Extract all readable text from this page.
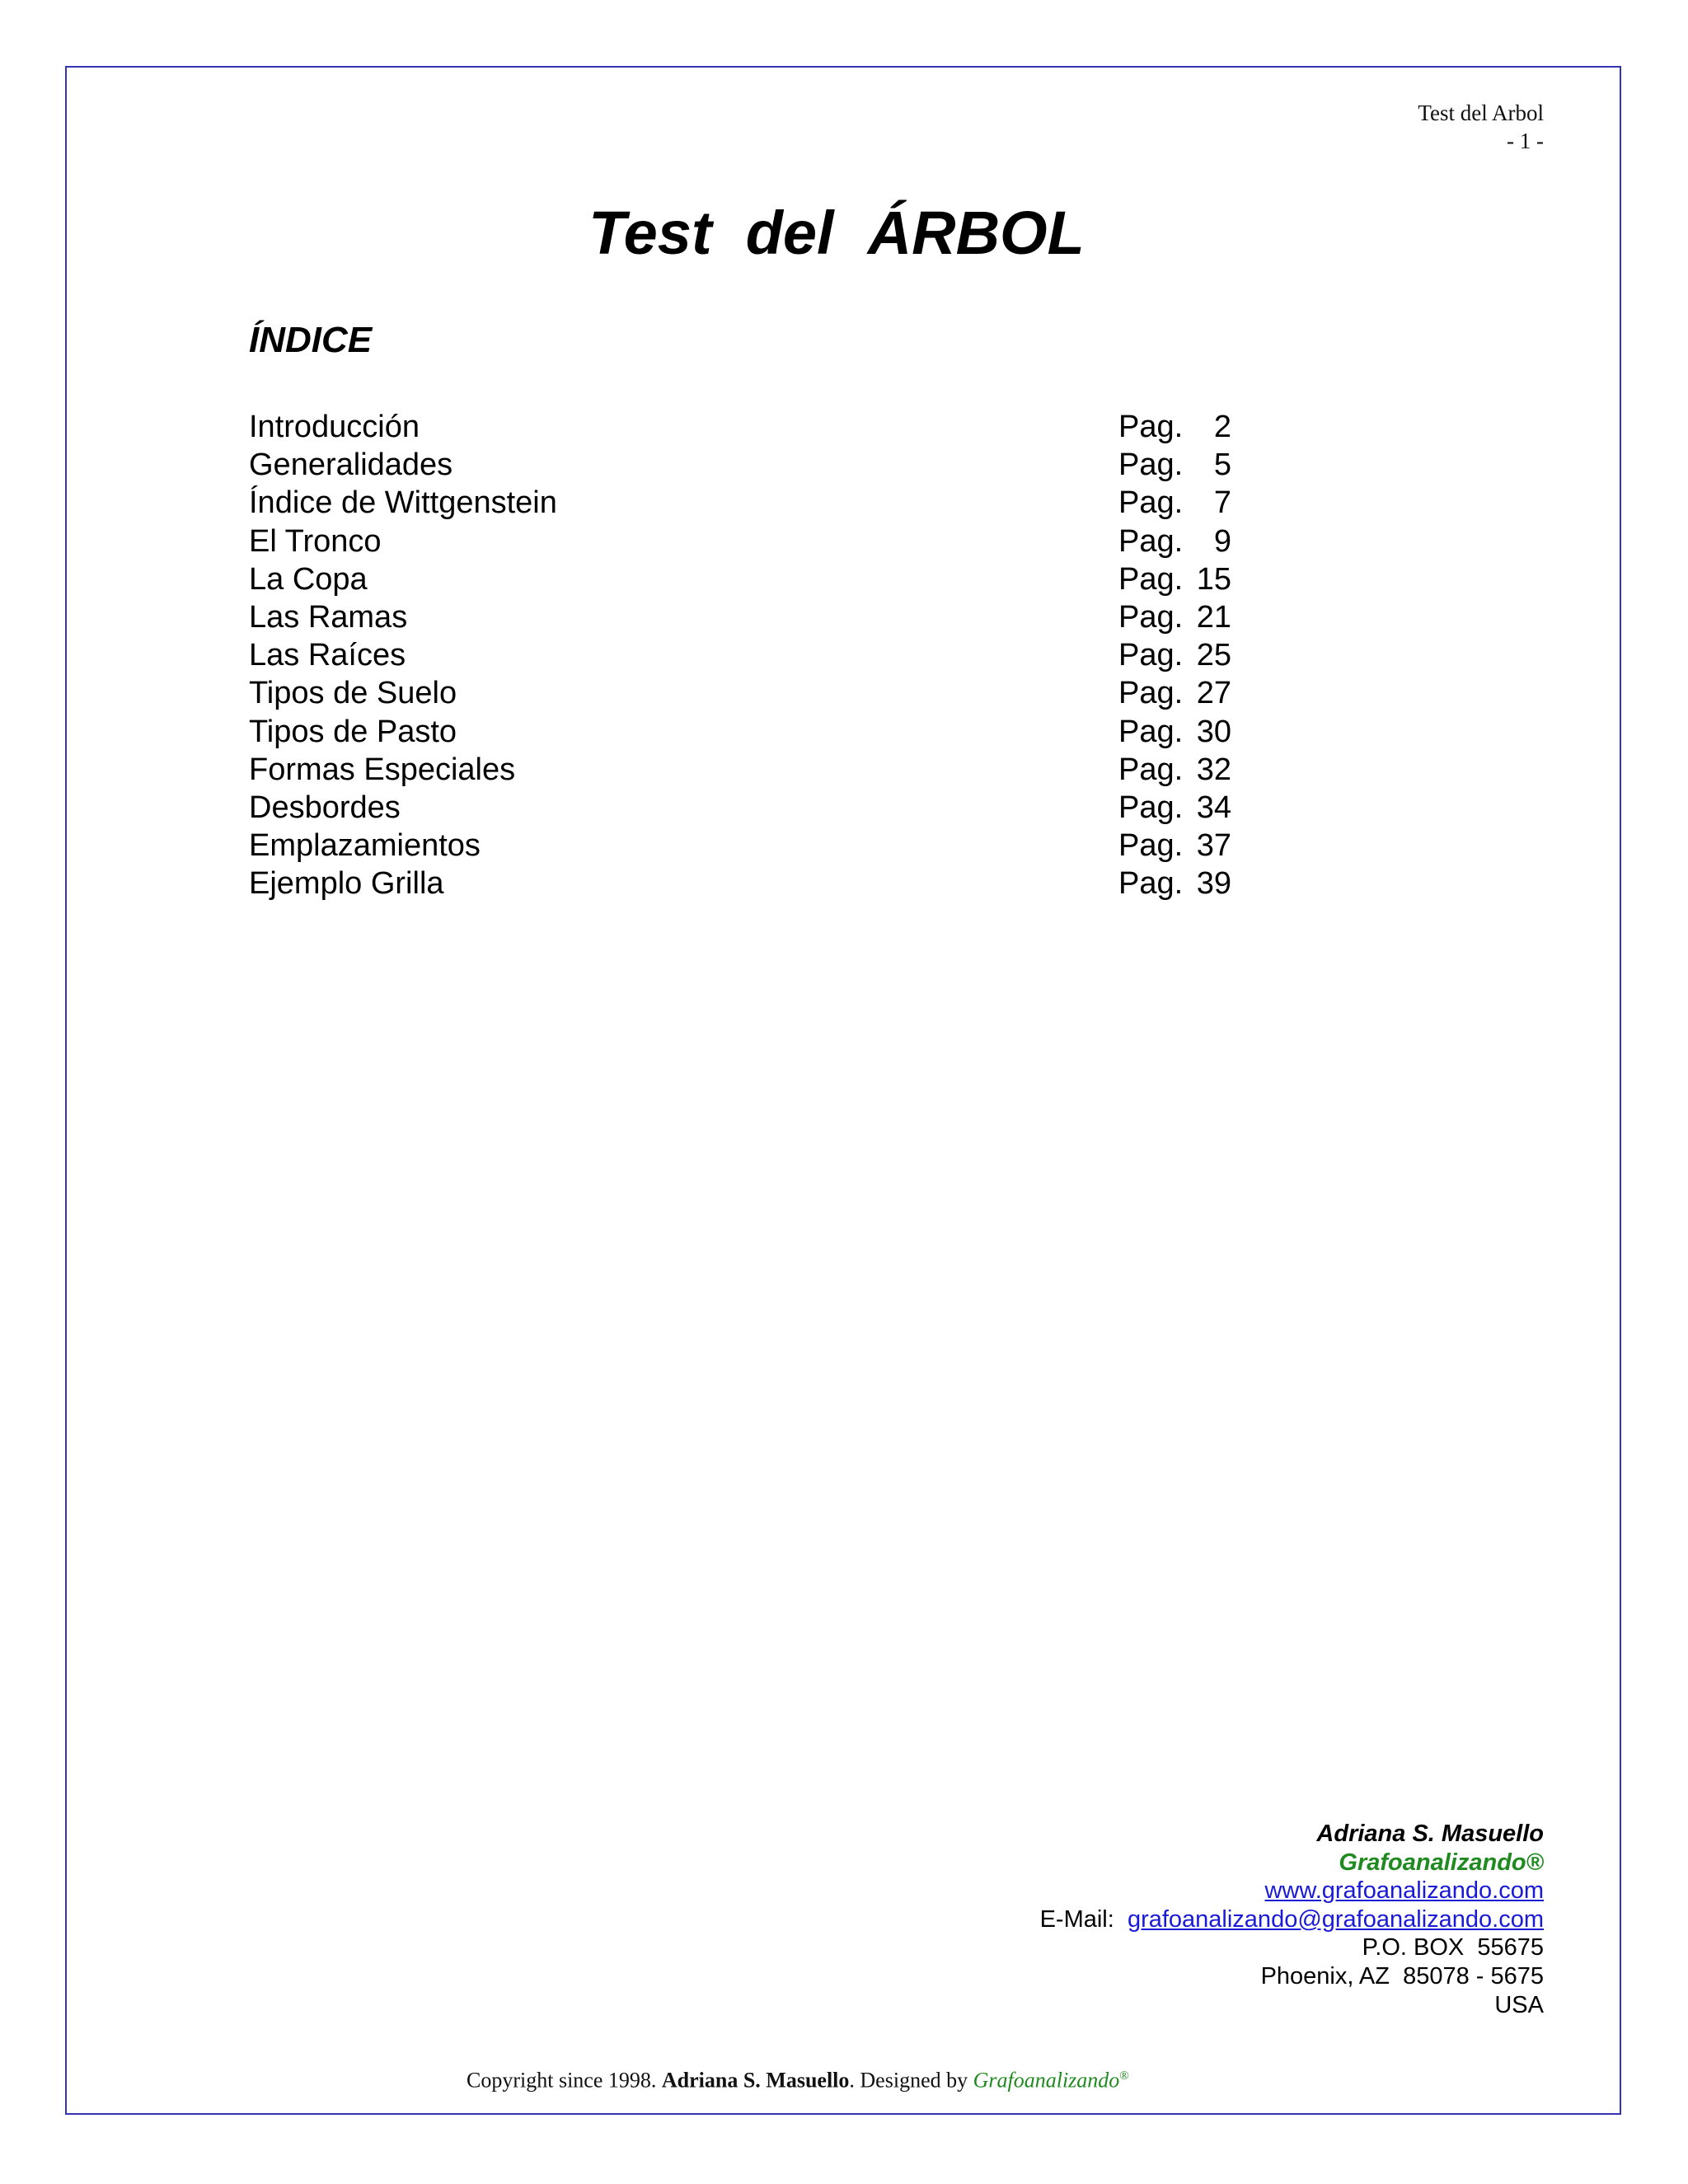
Test del Arbol
- 1 -
Test  del  ÁRBOL
ÍNDICE
Introducción	Pag. 2
Generalidades	Pag. 5
Índice de Wittgenstein	Pag. 7
El Tronco	Pag. 9
La Copa	Pag. 15
Las Ramas	Pag. 21
Las Raíces	Pag. 25
Tipos de Suelo	Pag. 27
Tipos de Pasto	Pag. 30
Formas Especiales	Pag. 32
Desbordes	Pag. 34
Emplazamientos	Pag. 37
Ejemplo Grilla	Pag. 39
Adriana S. Masuello
Grafoanalizando®
www.grafoanalizando.com
E-Mail: grafoanalizando@grafoanalizando.com
P.O. BOX  55675
Phoenix, AZ  85078 - 5675
USA
Copyright since 1998. Adriana S. Masuello. Designed by Grafoanalizando®
